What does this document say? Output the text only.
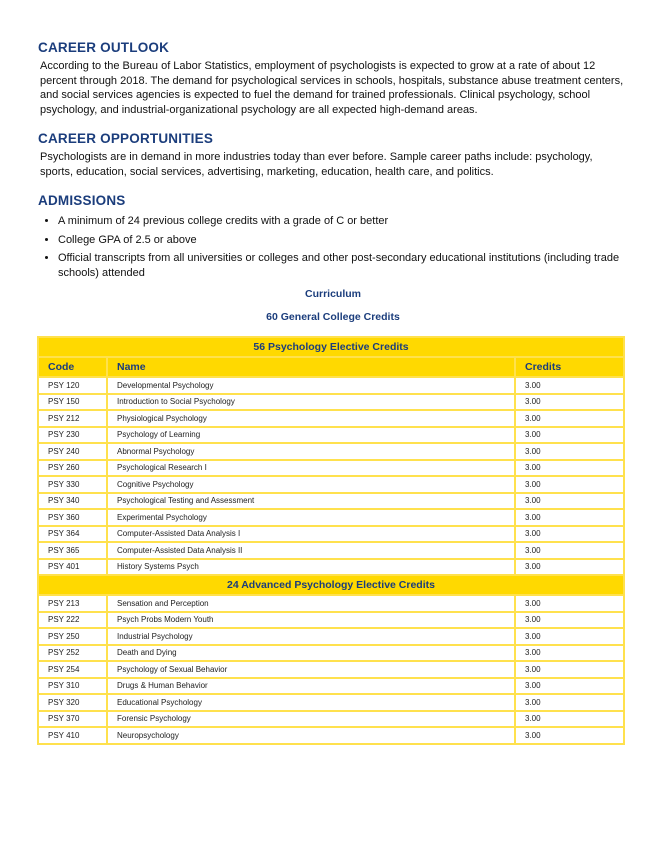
CAREER OUTLOOK

According to the Bureau of Labor Statistics, employment of psychologists is expected to grow at a rate of about 12 percent through 2018. The demand for psychological services in schools, hospitals, substance abuse treatment centers, and social services agencies is expected to fuel the demand for trained professionals. Clinical psychology, school psychology, and industrial-organizational psychology are all expected high-demand areas.

CAREER OPPORTUNITIES

Psychologists are in demand in more industries today than ever before. Sample career paths include: psychology, sports, education, social services, advertising, marketing, education, health care, and politics.

ADMISSIONS
• A minimum of 24 previous college credits with a grade of C or better
• College GPA of 2.5 or above
• Official transcripts from all universities or colleges and other post-secondary educational institutions (including trade schools) attended
Curriculum
60 General College Credits
56 Psychology Elective Credits		
Code	Name	Credits
PSY 120	Developmental Psychology	3.00
PSY 150	Introduction to Social Psychology	3.00
PSY 212	Physiological Psychology	3.00
PSY 230	Psychology of Learning	3.00
PSY 240	Abnormal Psychology	3.00
PSY 260	Psychological Research I	3.00
PSY 330	Cognitive Psychology	3.00
PSY 340	Psychological Testing and Assessment	3.00
PSY 360	Experimental Psychology	3.00
PSY 364	Computer-Assisted Data Analysis I	3.00
PSY 365	Computer-Assisted Data Analysis II	3.00
PSY 401	History Systems Psych	3.00
24 Advanced Psychology Elective Credits		
PSY 213	Sensation and Perception	3.00
PSY 222	Psych Probs Modern Youth	3.00
PSY 250	Industrial Psychology	3.00
PSY 252	Death and Dying	3.00
PSY 254	Psychology of Sexual Behavior	3.00
PSY 310	Drugs & Human Behavior	3.00
PSY 320	Educational Psychology	3.00
PSY 370	Forensic Psychology	3.00
PSY 410	Neuropsychology	3.00
